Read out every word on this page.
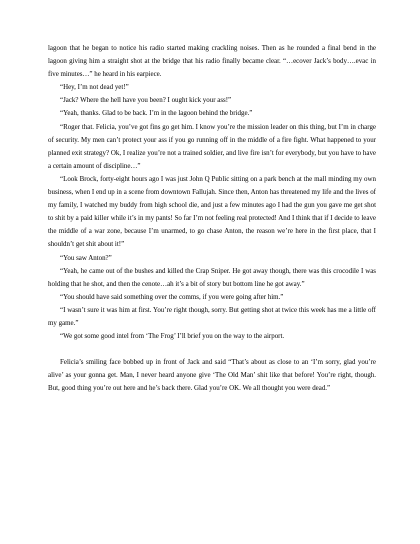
lagoon that he began to notice his radio started making crackling noises. Then as he rounded a final bend in the lagoon giving him a straight shot at the bridge that his radio finally became clear. “…ecover Jack’s body….evac in five minutes…” he heard in his earpiece.

“Hey, I’m not dead yet!”

“Jack? Where the hell have you been? I ought kick your ass!”

“Yeah, thanks. Glad to be back. I’m in the lagoon behind the bridge.”

“Roger that. Felicia, you’ve got fins go get him. I know you’re the mission leader on this thing, but I’m in charge of security. My men can’t protect your ass if you go running off in the middle of a fire fight. What happened to your planned exit strategy? Ok, I realize you’re not a trained soldier, and live fire isn’t for everybody, but you have to have a certain amount of discipline…”

“Look Brock, forty-eight hours ago I was just John Q Public sitting on a park bench at the mall minding my own business, when I end up in a scene from downtown Fallujah. Since then, Anton has threatened my life and the lives of my family, I watched my buddy from high school die, and just a few minutes ago I had the gun you gave me get shot to shit by a paid killer while it’s in my pants! So far I’m not feeling real protected! And I think that if I decide to leave the middle of a war zone, because I’m unarmed, to go chase Anton, the reason we’re here in the first place, that I shouldn’t get shit about it!”

“You saw Anton?”

“Yeah, he came out of the bushes and killed the Crap Sniper. He got away though, there was this crocodile I was holding that he shot, and then the cenote…ah it’s a bit of story but bottom line he got away.”

“You should have said something over the comms, if you were going after him.”

“I wasn’t sure it was him at first. You’re right though, sorry. But getting shot at twice this week has me a little off my game.”

“We got some good intel from ‘The Frog’ I’ll brief you on the way to the airport.

Felicia’s smiling face bobbed up in front of Jack and said “That’s about as close to an ‘I’m sorry, glad you’re alive’ as your gonna get. Man, I never heard anyone give ‘The Old Man’ shit like that before! You’re right, though. But, good thing you’re out here and he’s back there. Glad you’re OK. We all thought you were dead.”
